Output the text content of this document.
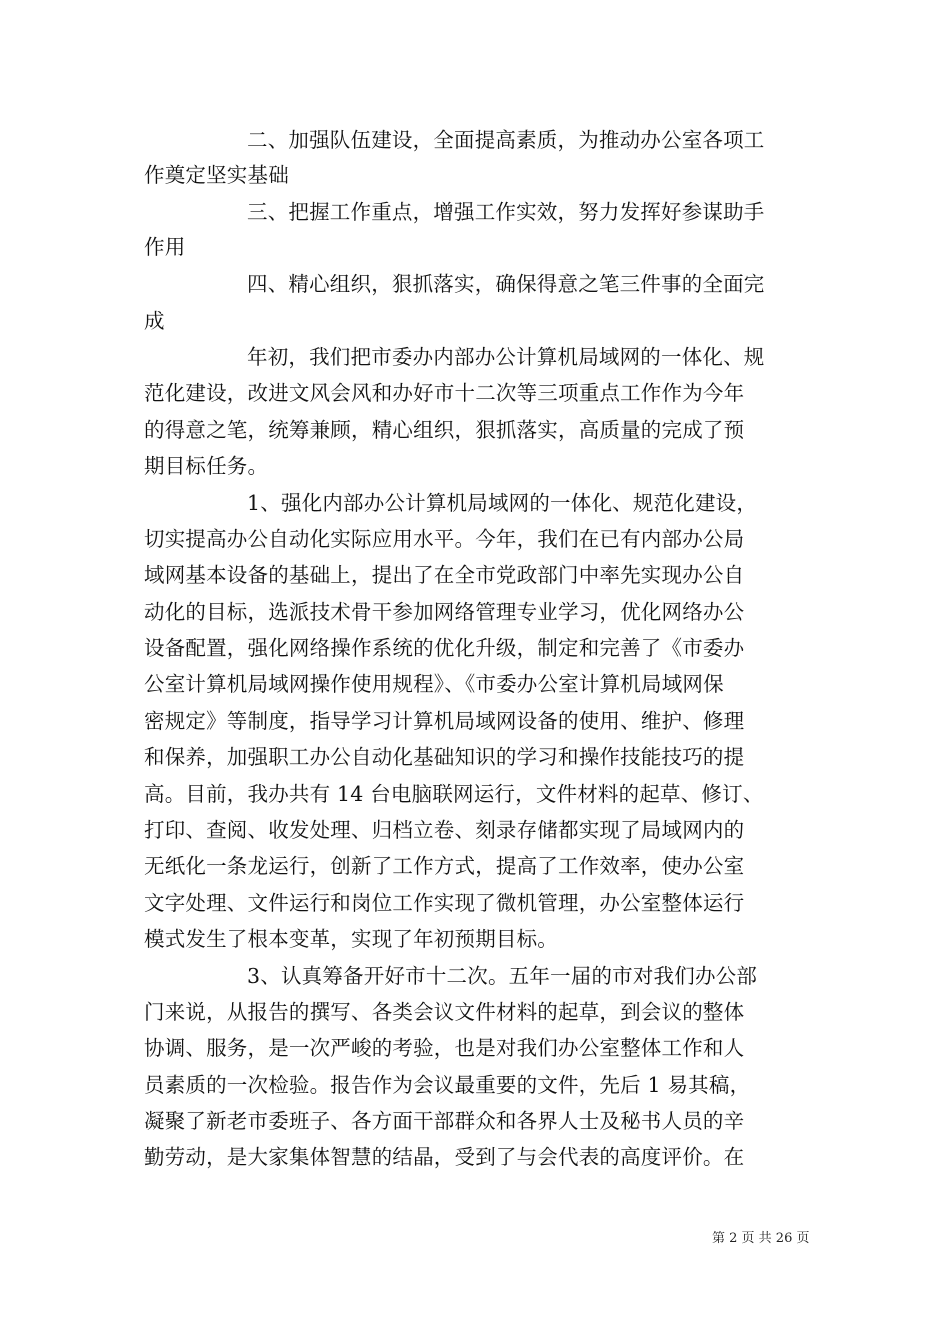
二、加强队伍建设，全面提高素质，为推动办公室各项工
作奠定坚实基础
三、把握工作重点，增强工作实效，努力发挥好参谋助手
作用
四、精心组织，狠抓落实，确保得意之笔三件事的全面完
成
年初，我们把市委办内部办公计算机局域网的一体化、规
范化建设，改进文风会风和办好市十二次等三项重点工作作为今年
的得意之笔，统筹兼顾，精心组织，狠抓落实，高质量的完成了预
期目标任务。
1、强化内部办公计算机局域网的一体化、规范化建设，
切实提高办公自动化实际应用水平。今年，我们在已有内部办公局
域网基本设备的基础上，提出了在全市党政部门中率先实现办公自
动化的目标，选派技术骨干参加网络管理专业学习，优化网络办公
设备配置，强化网络操作系统的优化升级，制定和完善了《市委办
公室计算机局域网操作使用规程》、《市委办公室计算机局域网保
密规定》等制度，指导学习计算机局域网设备的使用、维护、修理
和保养，加强职工办公自动化基础知识的学习和操作技能技巧的提
高。目前，我办共有 14 台电脑联网运行，文件材料的起草、修订、
打印、查阅、收发处理、归档立卷、刻录存储都实现了局域网内的
无纸化一条龙运行，创新了工作方式，提高了工作效率，使办公室
文字处理、文件运行和岗位工作实现了微机管理，办公室整体运行
模式发生了根本变革，实现了年初预期目标。
3、认真筹备开好市十二次。五年一届的市对我们办公部
门来说，从报告的撰写、各类会议文件材料的起草，到会议的整体
协调、服务，是一次严峻的考验，也是对我们办公室整体工作和人
员素质的一次检验。报告作为会议最重要的文件，先后 1 易其稿，
凝聚了新老市委班子、各方面干部群众和各界人士及秘书人员的辛
勤劳动，是大家集体智慧的结晶，受到了与会代表的高度评价。在
第 2 页 共 26 页
